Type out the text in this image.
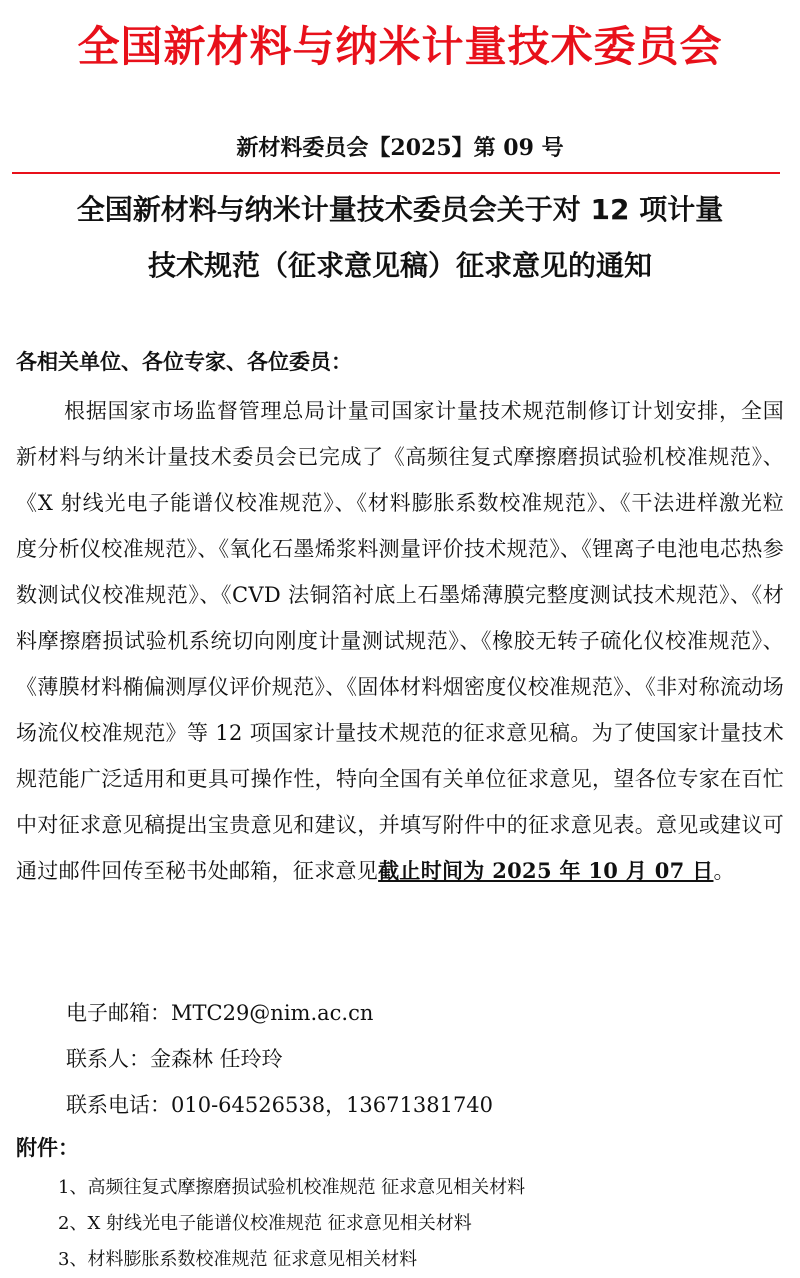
全国新材料与纳米计量技术委员会
新材料委员会【2025】第 09 号
全国新材料与纳米计量技术委员会关于对 12 项计量
技术规范（征求意见稿）征求意见的通知
各相关单位、各位专家、各位委员：

根据国家市场监督管理总局计量司国家计量技术规范制修订计划安排，全国新材料与纳米计量技术委员会已完成了《高频往复式摩擦磨损试验机校准规范》、《X 射线光电子能谱仪校准规范》、《材料膨胀系数校准规范》、《干法进样激光粒度分析仪校准规范》、《氧化石墨烯浆料测量评价技术规范》、《锂离子电池电芯热参数测试仪校准规范》、《CVD 法铜箔衬底上石墨烯薄膜完整度测试技术规范》、《材料摩擦磨损试验机系统切向刚度计量测试规范》、《橡胶无转子硫化仪校准规范》、《薄膜材料椭偏测厚仪评价规范》、《固体材料烟密度仪校准规范》、《非对称流动场场流仪校准规范》等 12 项国家计量技术规范的征求意见稿。为了使国家计量技术规范能广泛适用和更具可操作性，特向全国有关单位征求意见，望各位专家在百忙中对征求意见稿提出宝贵意见和建议，并填写附件中的征求意见表。意见或建议可通过邮件回传至秘书处邮箱，征求意见截止时间为 2025 年 10 月 07 日。

电子邮箱：MTC29@nim.ac.cn
联系人：金森林 任玲玲
联系电话：010-64526538，13671381740
附件：
1、高频往复式摩擦磨损试验机校准规范 征求意见相关材料
2、X 射线光电子能谱仪校准规范 征求意见相关材料
3、材料膨胀系数校准规范 征求意见相关材料
